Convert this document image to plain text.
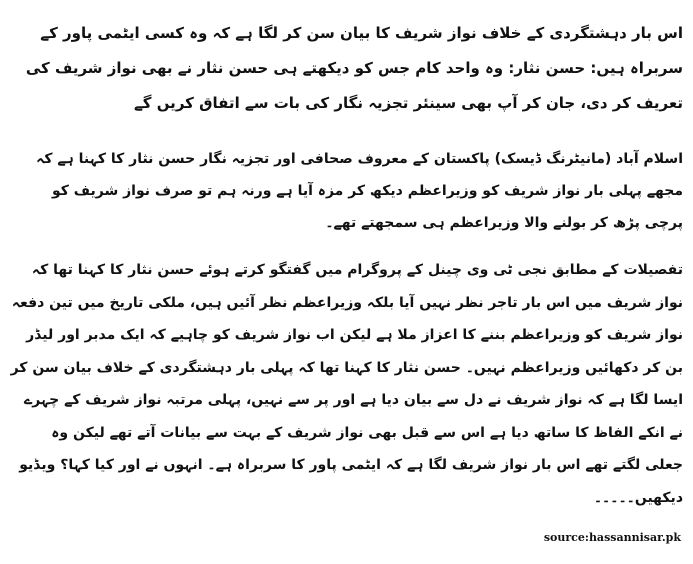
اس بار دہشتگردی کے خلاف نواز شریف کا بیان سن کر لگا ہے کہ وہ کسی ایٹمی پاور کے سربراہ ہیں: حسن نثار: وہ واحد کام جس کو دیکھتے ہی حسن نثار نے بھی نواز شریف کی تعریف کر دی، جان کر آپ بھی سینئر تجزیہ نگار کی بات سے اتفاق کریں گے

اسلام آباد (مانیٹرنگ ڈیسک) پاکستان کے معروف صحافی اور تجزیہ نگار حسن نثار کا کہنا ہے کہ مجھے پہلی بار نواز شریف کو وزیراعظم دیکھ کر مزہ آیا ہے ورنہ ہم تو صرف نواز شریف کو پرچی پڑھ کر بولنے والا وزیراعظم ہی سمجھتے تھے۔

تفصیلات کے مطابق نجی ٹی وی چینل کے پروگرام میں گفتگو کرتے ہوئے حسن نثار کا کہنا تھا کہ نواز شریف میں اس بار تاجر نظر نہیں آیا بلکہ وزیراعظم نظر آئیں ہیں، ملکی تاریخ میں تین دفعہ نواز شریف کو وزیراعظم بننے کا اعزاز ملا ہے لیکن اب نواز شریف کو چاہیے کہ ایک مدبر اور لیڈر بن کر دکھائیں وزیراعظم نہیں۔ حسن نثار کا کہنا تھا کہ پہلی بار دہشتگردی کے خلاف بیان سن کر ایسا لگا ہے کہ نواز شریف نے دل سے بیان دیا ہے اور پر سے نہیں، پہلی مرتبہ نواز شریف کے چہرے نے انکے الفاظ کا ساتھ دیا ہے اس سے قبل بھی نواز شریف کے بہت سے بیانات آتے تھے لیکن وہ جعلی لگتے تھے اس بار نواز شریف لگا ہے کہ ایٹمی پاور کا سربراہ ہے۔ انہوں نے اور کیا کہا؟ ویڈیو دیکھیں۔۔۔۔۔

source:hassannisar.pk
